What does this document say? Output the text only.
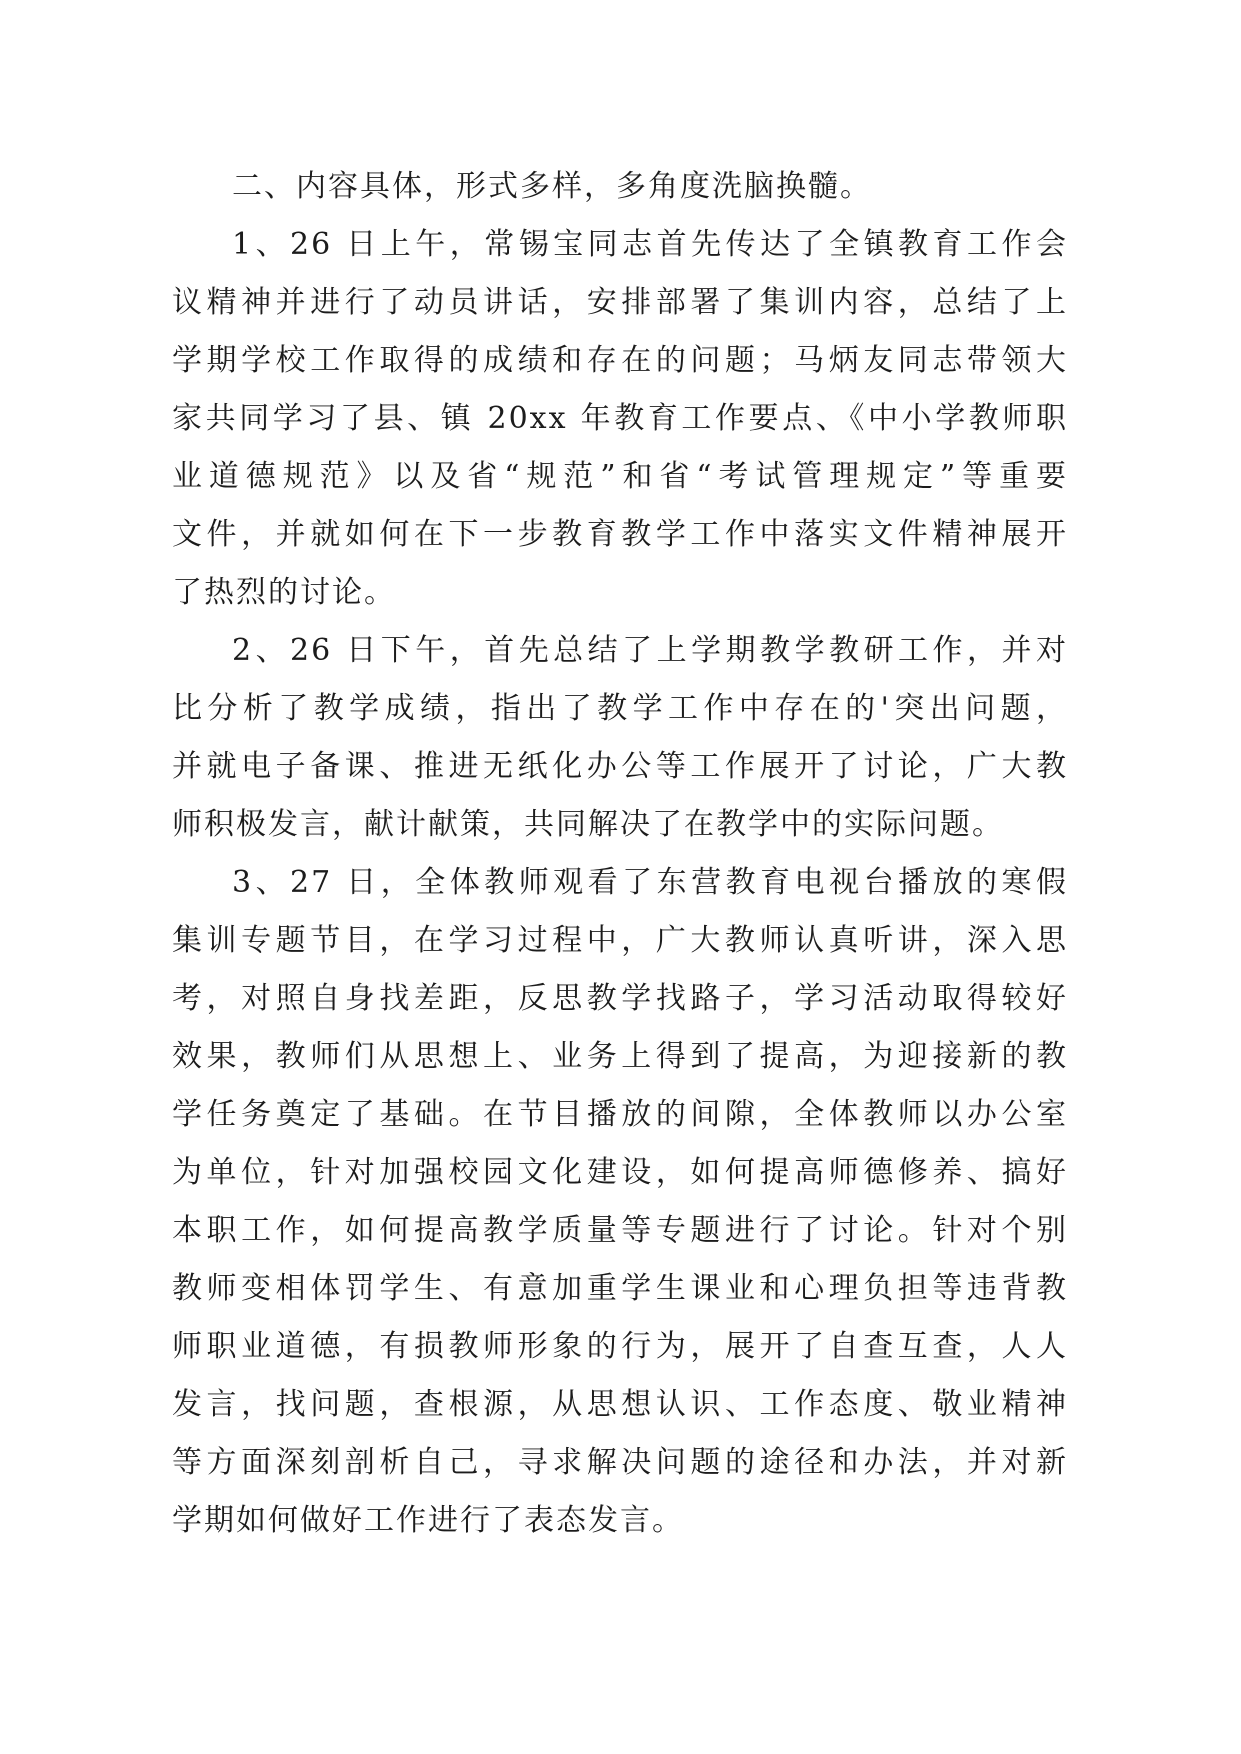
二、内容具体，形式多样，多角度洗脑换髓。
1、26 日上午，常锡宝同志首先传达了全镇教育工作会
议精神并进行了动员讲话，安排部署了集训内容，总结了上
学期学校工作取得的成绩和存在的问题；马炳友同志带领大
家共同学习了县、镇 20xx 年教育工作要点、《中小学教师职
业道德规范》以及省“规范”和省“考试管理规定”等重要
文件，并就如何在下一步教育教学工作中落实文件精神展开
了热烈的讨论。
2、26 日下午，首先总结了上学期教学教研工作，并对
比分析了教学成绩，指出了教学工作中存在的'突出问题，
并就电子备课、推进无纸化办公等工作展开了讨论，广大教
师积极发言，献计献策，共同解决了在教学中的实际问题。
3、27 日，全体教师观看了东营教育电视台播放的寒假
集训专题节目，在学习过程中，广大教师认真听讲，深入思
考，对照自身找差距，反思教学找路子，学习活动取得较好
效果，教师们从思想上、业务上得到了提高，为迎接新的教
学任务奠定了基础。在节目播放的间隙，全体教师以办公室
为单位，针对加强校园文化建设，如何提高师德修养、搞好
本职工作，如何提高教学质量等专题进行了讨论。针对个别
教师变相体罚学生、有意加重学生课业和心理负担等违背教
师职业道德，有损教师形象的行为，展开了自查互查，人人
发言，找问题，查根源，从思想认识、工作态度、敬业精神
等方面深刻剖析自己，寻求解决问题的途径和办法，并对新
学期如何做好工作进行了表态发言。
